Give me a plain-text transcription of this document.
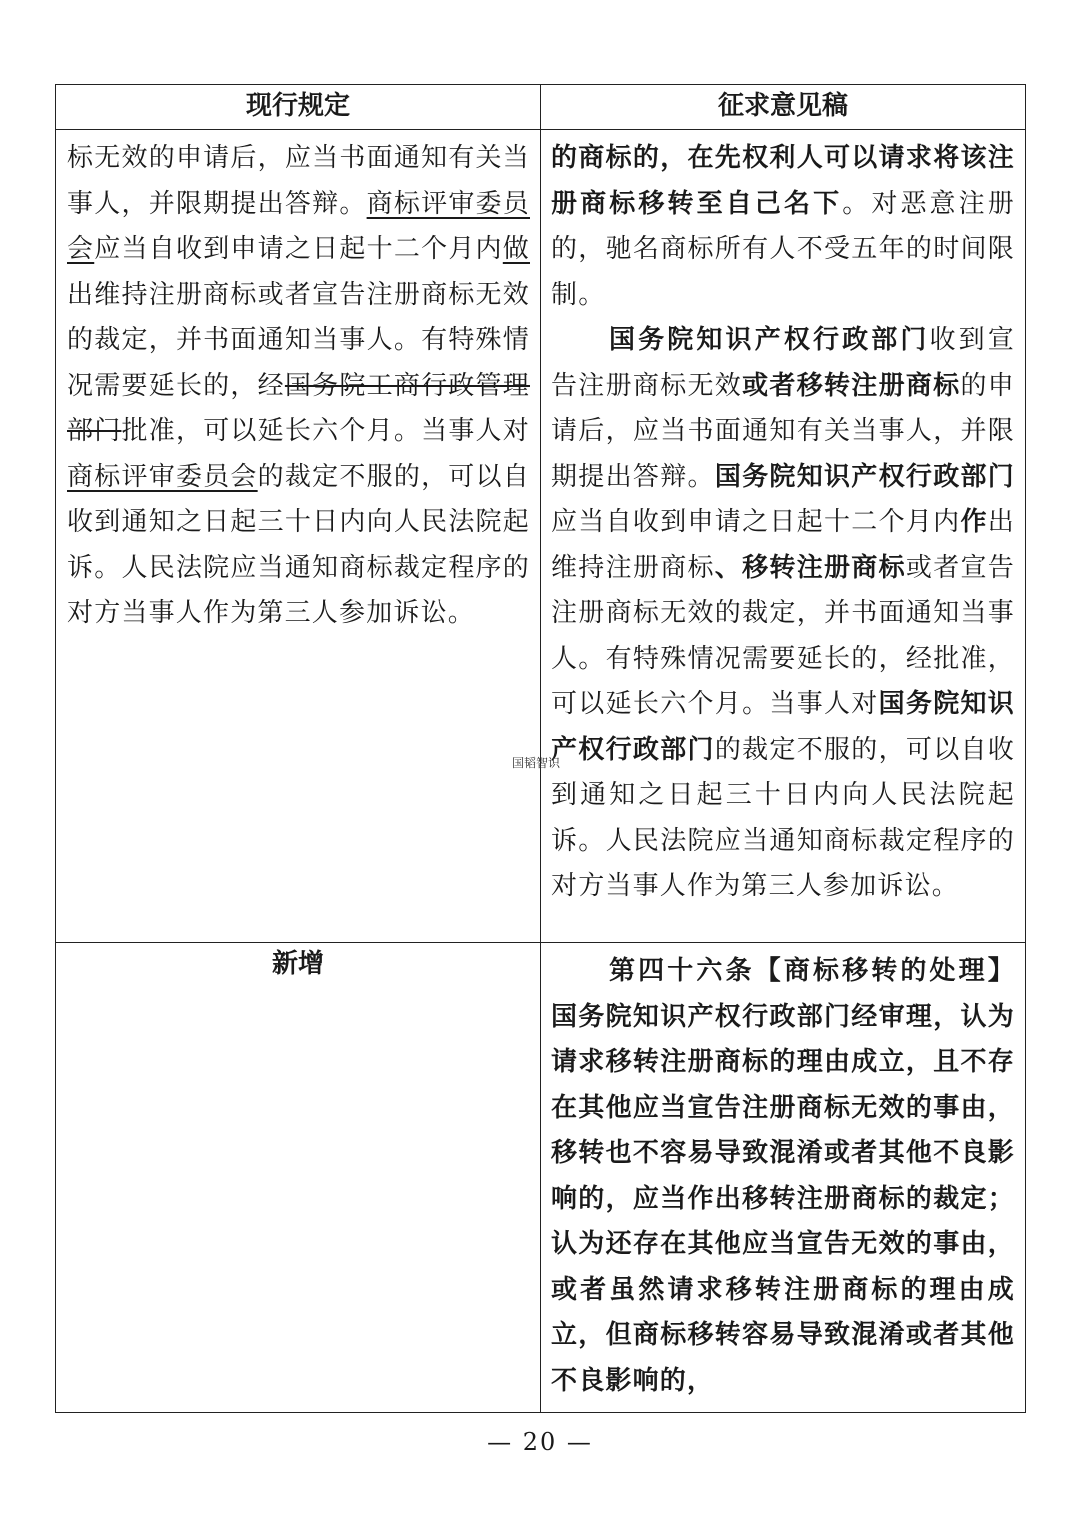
现行规定	征求意见稿

标无效的申请后，应当书面通知有关当事人，并限期提出答辩。商标评审委员会应当自收到申请之日起十二个月内做出维持注册商标或者宣告注册商标无效的裁定，并书面通知当事人。有特殊情况需要延长的，经国务院工商行政管理部门批准，可以延长六个月。当事人对商标评审委员会的裁定不服的，可以自收到通知之日起三十日内向人民法院起诉。人民法院应当通知商标裁定程序的对方当事人作为第三人参加诉讼。	的商标的，在先权利人可以请求将该注册商标移转至自己名下。对恶意注册的，驰名商标所有人不受五年的时间限制。

国务院知识产权行政部门收到宣告注册商标无效或者移转注册商标的申请后，应当书面通知有关当事人，并限期提出答辩。国务院知识产权行政部门应当自收到申请之日起十二个月内作出维持注册商标、移转注册商标或者宣告注册商标无效的裁定，并书面通知当事人。有特殊情况需要延长的，经批准，可以延长六个月。当事人对国务院知识产权行政部门的裁定不服的，可以自收到通知之日起三十日内向人民法院起诉。人民法院应当通知商标裁定程序的对方当事人作为第三人参加诉讼。

新增	第四十六条【商标移转的处理】 国务院知识产权行政部门经审理，认为请求移转注册商标的理由成立，且不存在其他应当宣告注册商标无效的事由，移转也不容易导致混淆或者其他不良影响的，应当作出移转注册商标的裁定；认为还存在其他应当宣告无效的事由，或者虽然请求移转注册商标的理由成立，但商标移转容易导致混淆或者其他不良影响的，
国韬智识
— 20 —
